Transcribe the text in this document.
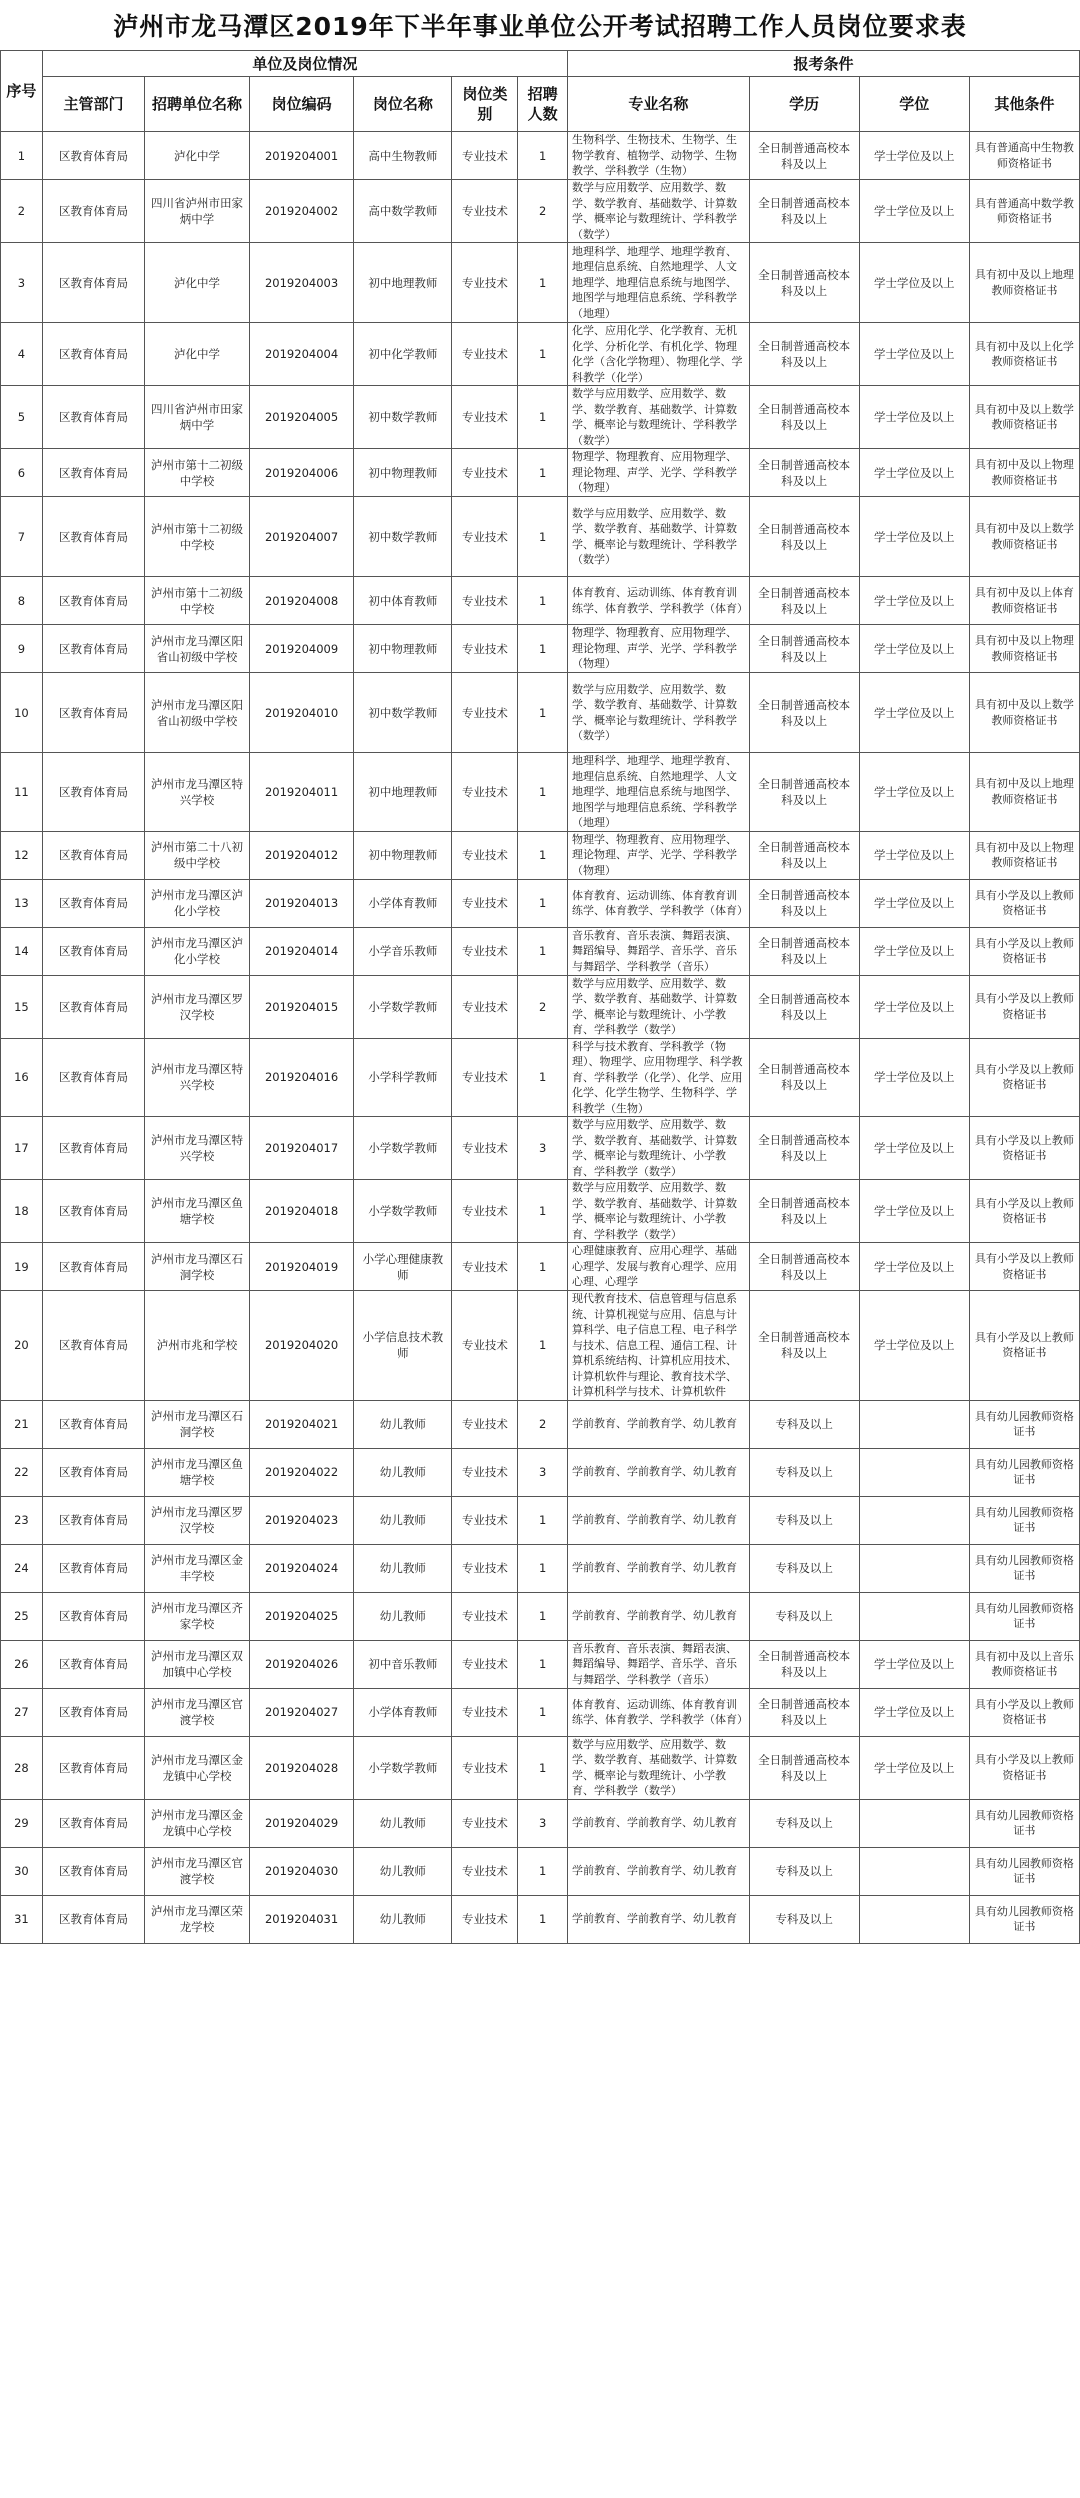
泸州市龙马潭区2019年下半年事业单位公开考试招聘工作人员岗位要求表
序号	单位及岗位情况						报考条件			
	主管部门	招聘单位名称	岗位编码	岗位名称	岗位类别	招聘人数	专业名称	学历	学位	其他条件
1	区教育体育局	泸化中学	2019204001	高中生物教师	专业技术	1	生物科学、生物技术、生物学、生物学教育、植物学、动物学、生物教学、学科教学（生物）	全日制普通高校本科及以上	学士学位及以上	具有普通高中生物教师资格证书
2	区教育体育局	四川省泸州市田家炳中学	2019204002	高中数学教师	专业技术	2	数学与应用数学、应用数学、数学、数学教育、基础数学、计算数学、概率论与数理统计、学科教学（数学）	全日制普通高校本科及以上	学士学位及以上	具有普通高中数学教师资格证书
3	区教育体育局	泸化中学	2019204003	初中地理教师	专业技术	1	地理科学、地理学、地理学教育、地理信息系统、自然地理学、人文地理学、地理信息系统与地图学、地图学与地理信息系统、学科教学（地理）	全日制普通高校本科及以上	学士学位及以上	具有初中及以上地理教师资格证书
4	区教育体育局	泸化中学	2019204004	初中化学教师	专业技术	1	化学、应用化学、化学教育、无机化学、分析化学、有机化学、物理化学（含化学物理）、物理化学、学科教学（化学）	全日制普通高校本科及以上	学士学位及以上	具有初中及以上化学教师资格证书
5	区教育体育局	四川省泸州市田家炳中学	2019204005	初中数学教师	专业技术	1	数学与应用数学、应用数学、数学、数学教育、基础数学、计算数学、概率论与数理统计、学科教学（数学）	全日制普通高校本科及以上	学士学位及以上	具有初中及以上数学教师资格证书
6	区教育体育局	泸州市第十二初级中学校	2019204006	初中物理教师	专业技术	1	物理学、物理教育、应用物理学、理论物理、声学、光学、学科教学（物理）	全日制普通高校本科及以上	学士学位及以上	具有初中及以上物理教师资格证书
7	区教育体育局	泸州市第十二初级中学校	2019204007	初中数学教师	专业技术	1	数学与应用数学、应用数学、数学、数学教育、基础数学、计算数学、概率论与数理统计、学科教学（数学）	全日制普通高校本科及以上	学士学位及以上	具有初中及以上数学教师资格证书
8	区教育体育局	泸州市第十二初级中学校	2019204008	初中体育教师	专业技术	1	体育教育、运动训练、体育教育训练学、体育教学、学科教学（体育）	全日制普通高校本科及以上	学士学位及以上	具有初中及以上体育教师资格证书
9	区教育体育局	泸州市龙马潭区阳省山初级中学校	2019204009	初中物理教师	专业技术	1	物理学、物理教育、应用物理学、理论物理、声学、光学、学科教学（物理）	全日制普通高校本科及以上	学士学位及以上	具有初中及以上物理教师资格证书
10	区教育体育局	泸州市龙马潭区阳省山初级中学校	2019204010	初中数学教师	专业技术	1	数学与应用数学、应用数学、数学、数学教育、基础数学、计算数学、概率论与数理统计、学科教学（数学）	全日制普通高校本科及以上	学士学位及以上	具有初中及以上数学教师资格证书
11	区教育体育局	泸州市龙马潭区特兴学校	2019204011	初中地理教师	专业技术	1	地理科学、地理学、地理学教育、地理信息系统、自然地理学、人文地理学、地理信息系统与地图学、地图学与地理信息系统、学科教学（地理）	全日制普通高校本科及以上	学士学位及以上	具有初中及以上地理教师资格证书
12	区教育体育局	泸州市第二十八初级中学校	2019204012	初中物理教师	专业技术	1	物理学、物理教育、应用物理学、理论物理、声学、光学、学科教学（物理）	全日制普通高校本科及以上	学士学位及以上	具有初中及以上物理教师资格证书
13	区教育体育局	泸州市龙马潭区泸化小学校	2019204013	小学体育教师	专业技术	1	体育教育、运动训练、体育教育训练学、体育教学、学科教学（体育）	全日制普通高校本科及以上	学士学位及以上	具有小学及以上教师资格证书
14	区教育体育局	泸州市龙马潭区泸化小学校	2019204014	小学音乐教师	专业技术	1	音乐教育、音乐表演、舞蹈表演、舞蹈编导、舞蹈学、音乐学、音乐与舞蹈学、学科教学（音乐）	全日制普通高校本科及以上	学士学位及以上	具有小学及以上教师资格证书
15	区教育体育局	泸州市龙马潭区罗汉学校	2019204015	小学数学教师	专业技术	2	数学与应用数学、应用数学、数学、数学教育、基础数学、计算数学、概率论与数理统计、小学教育、学科教学（数学）	全日制普通高校本科及以上	学士学位及以上	具有小学及以上教师资格证书
16	区教育体育局	泸州市龙马潭区特兴学校	2019204016	小学科学教师	专业技术	1	科学与技术教育、学科教学（物理）、物理学、应用物理学、科学教育、学科教学（化学）、化学、应用化学、化学生物学、生物科学、学科教学（生物）	全日制普通高校本科及以上	学士学位及以上	具有小学及以上教师资格证书
17	区教育体育局	泸州市龙马潭区特兴学校	2019204017	小学数学教师	专业技术	3	数学与应用数学、应用数学、数学、数学教育、基础数学、计算数学、概率论与数理统计、小学教育、学科教学（数学）	全日制普通高校本科及以上	学士学位及以上	具有小学及以上教师资格证书
18	区教育体育局	泸州市龙马潭区鱼塘学校	2019204018	小学数学教师	专业技术	1	数学与应用数学、应用数学、数学、数学教育、基础数学、计算数学、概率论与数理统计、小学教育、学科教学（数学）	全日制普通高校本科及以上	学士学位及以上	具有小学及以上教师资格证书
19	区教育体育局	泸州市龙马潭区石洞学校	2019204019	小学心理健康教师	专业技术	1	心理健康教育、应用心理学、基础心理学、发展与教育心理学、应用心理、心理学	全日制普通高校本科及以上	学士学位及以上	具有小学及以上教师资格证书
20	区教育体育局	泸州市兆和学校	2019204020	小学信息技术教师	专业技术	1	现代教育技术、信息管理与信息系统、计算机视觉与应用、信息与计算科学、电子信息工程、电子科学与技术、信息工程、通信工程、计算机系统结构、计算机应用技术、计算机软件与理论、教育技术学、计算机科学与技术、计算机软件	全日制普通高校本科及以上	学士学位及以上	具有小学及以上教师资格证书
21	区教育体育局	泸州市龙马潭区石洞学校	2019204021	幼儿教师	专业技术	2	学前教育、学前教育学、幼儿教育	专科及以上		具有幼儿园教师资格证书
22	区教育体育局	泸州市龙马潭区鱼塘学校	2019204022	幼儿教师	专业技术	3	学前教育、学前教育学、幼儿教育	专科及以上		具有幼儿园教师资格证书
23	区教育体育局	泸州市龙马潭区罗汉学校	2019204023	幼儿教师	专业技术	1	学前教育、学前教育学、幼儿教育	专科及以上		具有幼儿园教师资格证书
24	区教育体育局	泸州市龙马潭区金丰学校	2019204024	幼儿教师	专业技术	1	学前教育、学前教育学、幼儿教育	专科及以上		具有幼儿园教师资格证书
25	区教育体育局	泸州市龙马潭区齐家学校	2019204025	幼儿教师	专业技术	1	学前教育、学前教育学、幼儿教育	专科及以上		具有幼儿园教师资格证书
26	区教育体育局	泸州市龙马潭区双加镇中心学校	2019204026	初中音乐教师	专业技术	1	音乐教育、音乐表演、舞蹈表演、舞蹈编导、舞蹈学、音乐学、音乐与舞蹈学、学科教学（音乐）	全日制普通高校本科及以上	学士学位及以上	具有初中及以上音乐教师资格证书
27	区教育体育局	泸州市龙马潭区官渡学校	2019204027	小学体育教师	专业技术	1	体育教育、运动训练、体育教育训练学、体育教学、学科教学（体育）	全日制普通高校本科及以上	学士学位及以上	具有小学及以上教师资格证书
28	区教育体育局	泸州市龙马潭区金龙镇中心学校	2019204028	小学数学教师	专业技术	1	数学与应用数学、应用数学、数学、数学教育、基础数学、计算数学、概率论与数理统计、小学教育、学科教学（数学）	全日制普通高校本科及以上	学士学位及以上	具有小学及以上教师资格证书
29	区教育体育局	泸州市龙马潭区金龙镇中心学校	2019204029	幼儿教师	专业技术	3	学前教育、学前教育学、幼儿教育	专科及以上		具有幼儿园教师资格证书
30	区教育体育局	泸州市龙马潭区官渡学校	2019204030	幼儿教师	专业技术	1	学前教育、学前教育学、幼儿教育	专科及以上		具有幼儿园教师资格证书
31	区教育体育局	泸州市龙马潭区荣龙学校	2019204031	幼儿教师	专业技术	1	学前教育、学前教育学、幼儿教育	专科及以上		具有幼儿园教师资格证书
